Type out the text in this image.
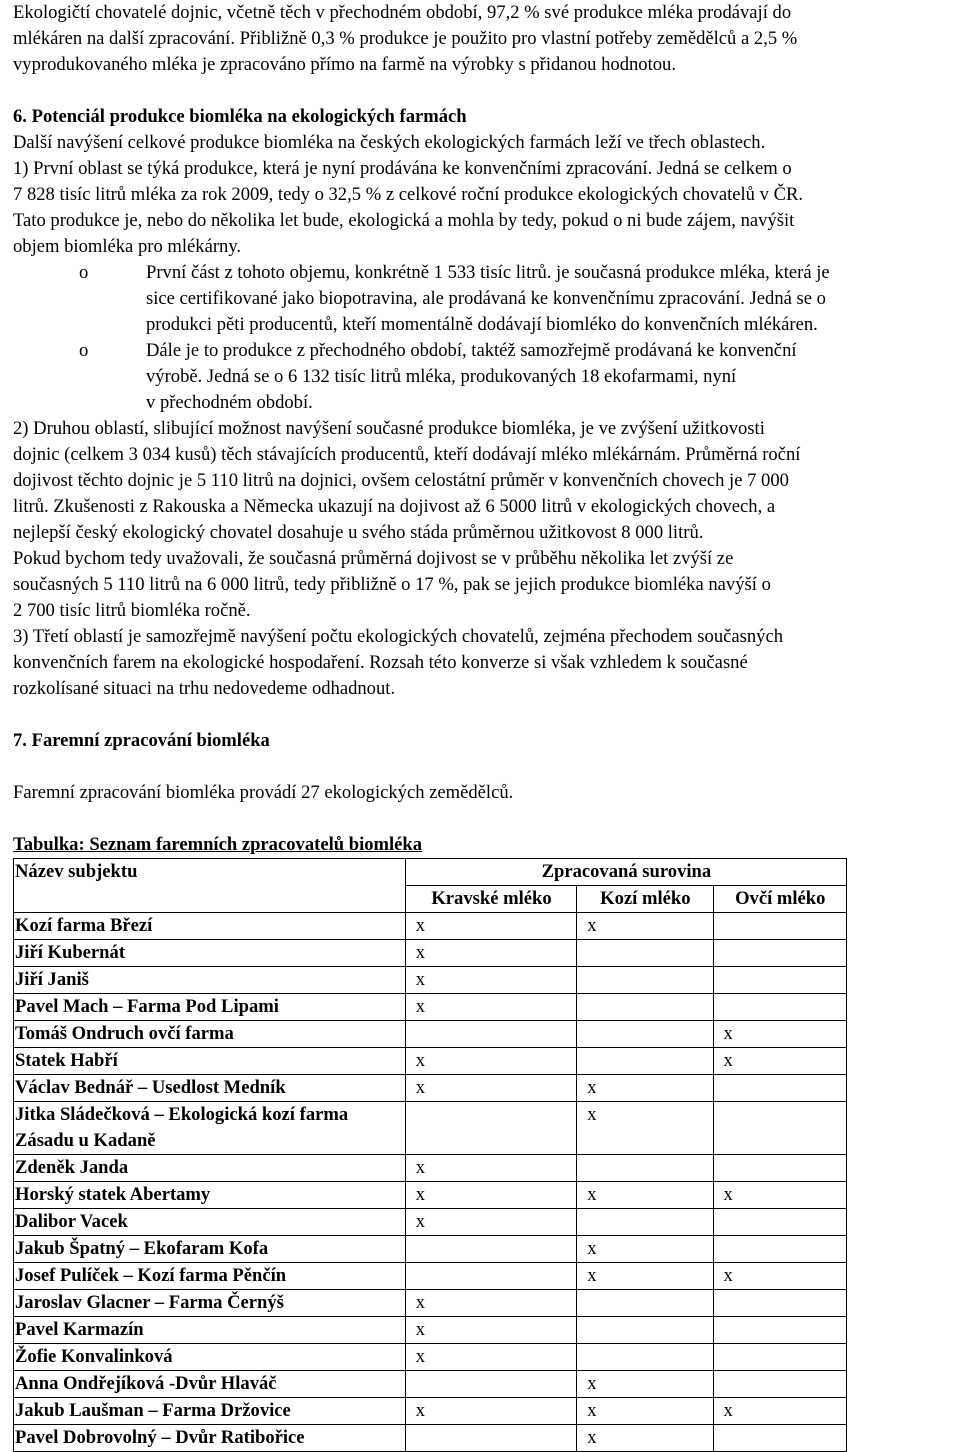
Ekologičtí chovatelé dojnic, včetně těch v přechodném období, 97,2 % své produkce mléka prodávají do

mlékáren na další zpracování. Přibližně 0,3 % produkce je použito pro vlastní potřeby zemědělců a 2,5 %

vyprodukovaného mléka je zpracováno přímo na farmě na výrobky s přidanou hodnotou.

6. Potenciál produkce biomléka na ekologických farmách

Další navýšení celkové produkce biomléka na českých ekologických farmách leží ve třech oblastech.

1) První oblast se týká produkce, která je nyní prodávána ke konvenčními zpracování. Jedná se celkem o

7 828 tisíc litrů mléka za rok 2009, tedy o 32,5 % z celkové roční produkce ekologických chovatelů v ČR.

Tato produkce je, nebo do několika let bude, ekologická a mohla by tedy, pokud o ni bude zájem, navýšit

objem biomléka pro mlékárny.

o	První část z tohoto objemu, konkrétně 1 533 tisíc litrů. je současná produkce mléka, která je

sice certifikované jako biopotravina, ale prodávaná ke konvenčnímu zpracování. Jedná se o

produkci pěti producentů, kteří momentálně dodávají biomléko do konvenčních mlékáren.

o	Dále je to produkce z přechodného období, taktéž samozřejmě prodávaná ke konvenční

výrobě. Jedná se o 6 132 tisíc litrů mléka, produkovaných 18 ekofarmami, nyní

v přechodném období.

2) Druhou oblastí, slibující možnost navýšení současné produkce biomléka, je ve zvýšení užitkovosti

dojnic (celkem 3 034 kusů) těch stávajících producentů, kteří dodávají mléko mlékárnám. Průměrná roční

dojivost těchto dojnic je 5 110 litrů na dojnici, ovšem celostátní průměr v konvenčních chovech je 7 000

litrů. Zkušenosti z Rakouska a Německa ukazují na dojivost až 6 5000 litrů v ekologických chovech, a

nejlepší český ekologický chovatel dosahuje u svého stáda průměrnou užitkovost 8 000 litrů.

Pokud bychom tedy uvažovali, že současná průměrná dojivost se v průběhu několika let zvýší ze

současných 5 110 litrů na 6 000 litrů, tedy přibližně o 17 %, pak se jejich produkce biomléka navýší o

2 700 tisíc litrů biomléka ročně.

3) Třetí oblastí je samozřejmě navýšení počtu ekologických chovatelů, zejména přechodem současných

konvenčních farem na ekologické hospodaření. Rozsah této konverze si však vzhledem k současné

rozkolísané situaci na trhu nedovedeme odhadnout.

7. Faremní zpracování biomléka

Faremní zpracování biomléka provádí 27 ekologických zemědělců.

Tabulka: Seznam faremních zpracovatelů biomléka

Název subjektu	Zpracovaná surovina		
	Kravské mléko	Kozí mléko	Ovčí mléko
Kozí farma Březí	x	x	
Jiří Kubernát	x		
Jiří Janiš	x		
Pavel Mach – Farma Pod Lipami	x		
Tomáš Ondruch ovčí farma			x
Statek Habří	x		x
Václav Bednář – Usedlost Medník	x	x	
Jitka Sládečková – Ekologická kozí farma Zásadu u Kadaně		x	
Zdeněk Janda	x		
Horský statek Abertamy	x	x	x
Dalibor Vacek	x		
Jakub Špatný – Ekofaram Kofa		x	
Josef Pulíček – Kozí farma Pěnčín		x	x
Jaroslav Glacner – Farma Černýš	x		
Pavel Karmazín	x		
Žofie Konvalinková	x		
Anna Ondřejíková -Dvůr Hlaváč		x	
Jakub Laušman – Farma Držovice	x	x	x
Pavel Dobrovolný – Dvůr Ratibořice		x	
